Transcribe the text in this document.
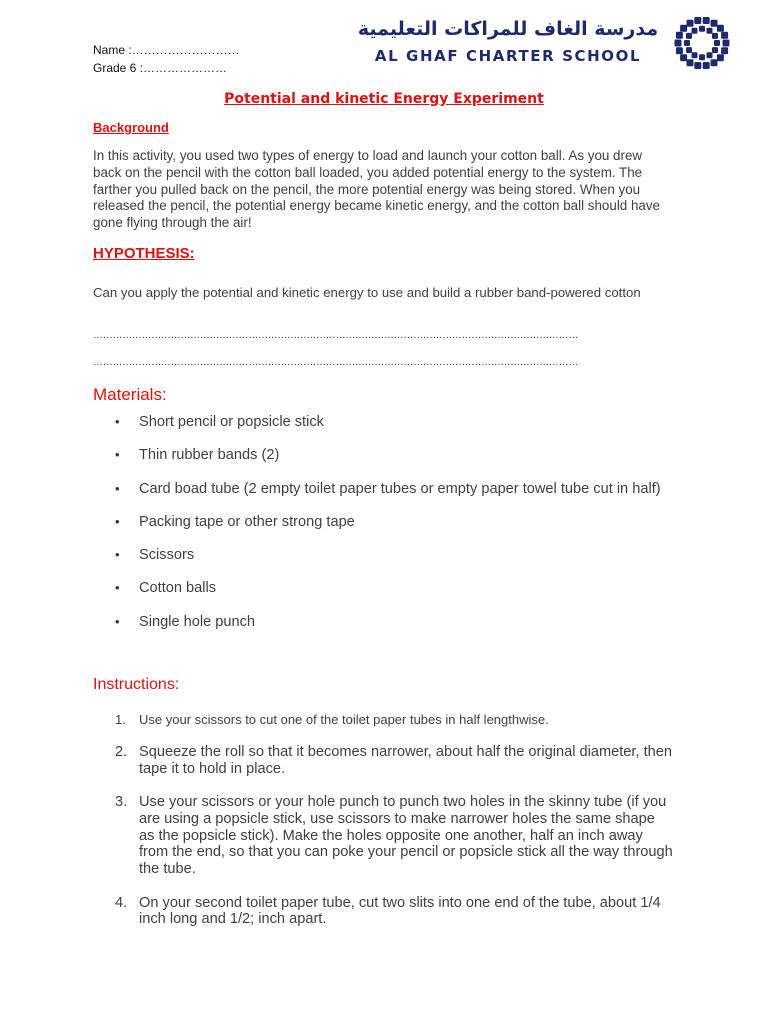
Name :………………………
Grade 6 :…………………
مدرسة الغاف للمراكات التعليمية
AL GHAF CHARTER SCHOOL
Potential and kinetic Energy Experiment
Background
In this activity, you used two types of energy to load and launch your cotton ball. As you drew back on the pencil with the cotton ball loaded, you added potential energy to the system. The farther you pulled back on the pencil, the more potential energy was being stored. When you released the pencil, the potential energy became kinetic energy, and the cotton ball should have gone flying through the air!
HYPOTHESIS:
Can you apply the potential and kinetic energy to use and build a rubber band-powered cotton
……………………………………………………………………………………………………………………………………
……………………………………………………………………………………………………………………………………
Materials:
• Short pencil or popsicle stick
• Thin rubber bands (2)
• Card boad tube (2 empty toilet paper tubes or empty paper towel tube cut in half)
• Packing tape or other strong tape
• Scissors
• Cotton balls
• Single hole punch
Instructions:
1. Use your scissors to cut one of the toilet paper tubes in half lengthwise.
2. Squeeze the roll so that it becomes narrower, about half the original diameter, then tape it to hold in place.
3. Use your scissors or your hole punch to punch two holes in the skinny tube (if you are using a popsicle stick, use scissors to make narrower holes the same shape as the popsicle stick). Make the holes opposite one another, half an inch away from the end, so that you can poke your pencil or popsicle stick all the way through the tube.
4. On your second toilet paper tube, cut two slits into one end of the tube, about 1/4 inch long and 1/2; inch apart.
